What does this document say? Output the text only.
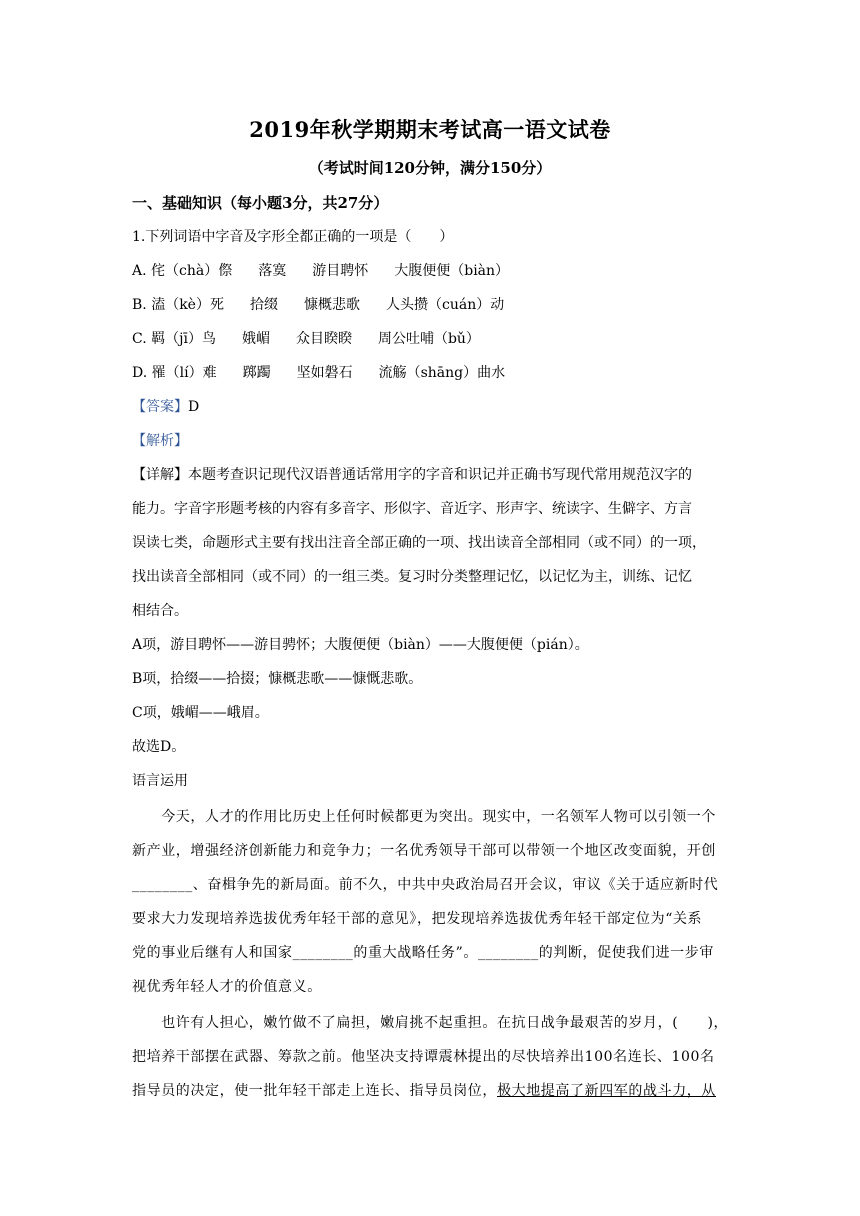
2019年秋学期期末考试高一语文试卷
（考试时间120分钟，满分150分）
一、基础知识（每小题3分，共27分）
1.下列词语中字音及字形全都正确的一项是（　　）
A. 侘（chà）傺 落寞 游目聘怀 大腹便便（biàn）
B. 溘（kè）死 拾缀 慷概悲歌 人头攒（cuán）动
C. 羁（jī）鸟 娥嵋 众目睽睽 周公吐哺（bǔ）
D. 罹（lí）难 踯躅 坚如磐石 流觞（shāng）曲水
【答案】D
【解析】
【详解】本题考查识记现代汉语普通话常用字的字音和识记并正确书写现代常用规范汉字的
能力。字音字形题考核的内容有多音字、形似字、音近字、形声字、统读字、生僻字、方言
误读七类，命题形式主要有找出注音全部正确的一项、找出读音全部相同（或不同）的一项，
找出读音全部相同（或不同）的一组三类。复习时分类整理记忆，以记忆为主，训练、记忆
相结合。
A项，游目聘怀——游目骋怀；大腹便便（biàn）——大腹便便（pián）。
B项，拾缀——拾掇；慷概悲歌——慷慨悲歌。
C项，娥嵋——峨眉。
故选D。
语言运用
　　今天，人才的作用比历史上任何时候都更为突出。现实中，一名领军人物可以引领一个
新产业，增强经济创新能力和竞争力；一名优秀领导干部可以带领一个地区改变面貌，开创
________、奋楫争先的新局面。前不久，中共中央政治局召开会议，审议《关于适应新时代
要求大力发现培养选拔优秀年轻干部的意见》，把发现培养选拔优秀年轻干部定位为“关系
党的事业后继有人和国家________的重大战略任务”。________的判断，促使我们进一步审
视优秀年轻人才的价值意义。
　　也许有人担心，嫩竹做不了扁担，嫩肩挑不起重担。在抗日战争最艰苦的岁月，(　　)，
把培养干部摆在武器、筹款之前。他坚决支持谭震林提出的尽快培养出100名连长、100名
指导员的决定，使一批年轻干部走上连长、指导员岗位，极大地提高了新四军的战斗力，从
